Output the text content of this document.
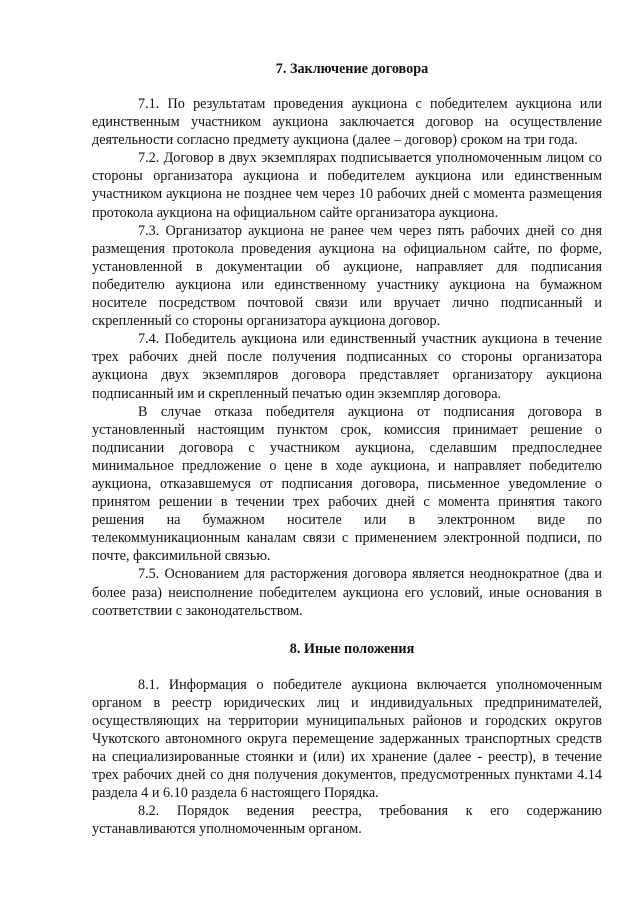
7. Заключение договора

7.1. По результатам проведения аукциона с победителем аукциона или единственным участником аукциона заключается договор на осуществление деятельности согласно предмету аукциона (далее – договор) сроком на три года.

7.2. Договор в двух экземплярах подписывается уполномоченным лицом со стороны организатора аукциона и победителем аукциона или единственным участником аукциона не позднее чем через 10 рабочих дней с момента размещения протокола аукциона на официальном сайте организатора аукциона.

7.3. Организатор аукциона не ранее чем через пять рабочих дней со дня размещения протокола проведения аукциона на официальном сайте, по форме, установленной в документации об аукционе, направляет для подписания победителю аукциона или единственному участнику аукциона на бумажном носителе посредством почтовой связи или вручает лично подписанный и скрепленный со стороны организатора аукциона договор.

7.4. Победитель аукциона или единственный участник аукциона в течение трех рабочих дней после получения подписанных со стороны организатора аукциона двух экземпляров договора представляет организатору аукциона подписанный им и скрепленный печатью один экземпляр договора.

В случае отказа победителя аукциона от подписания договора в установленный настоящим пунктом срок, комиссия принимает решение о подписании договора с участником аукциона, сделавшим предпоследнее минимальное предложение о цене в ходе аукциона, и направляет победителю аукциона, отказавшемуся от подписания договора, письменное уведомление о принятом решении в течении трех рабочих дней с момента принятия такого решения на бумажном носителе или в электронном виде по телекоммуникационным каналам связи с применением электронной подписи, по почте, факсимильной связью.

7.5. Основанием для расторжения договора является неоднократное (два и более раза) неисполнение победителем аукциона его условий, иные основания в соответствии с законодательством.

8. Иные положения

8.1. Информация о победителе аукциона включается уполномоченным органом в реестр юридических лиц и индивидуальных предпринимателей, осуществляющих на территории муниципальных районов и городских округов Чукотского автономного округа перемещение задержанных транспортных средств на специализированные стоянки и (или) их хранение (далее - реестр), в течение трех рабочих дней со дня получения документов, предусмотренных пунктами 4.14 раздела 4 и 6.10 раздела 6 настоящего Порядка.

8.2. Порядок ведения реестра, требования к его содержанию устанавливаются уполномоченным органом.
